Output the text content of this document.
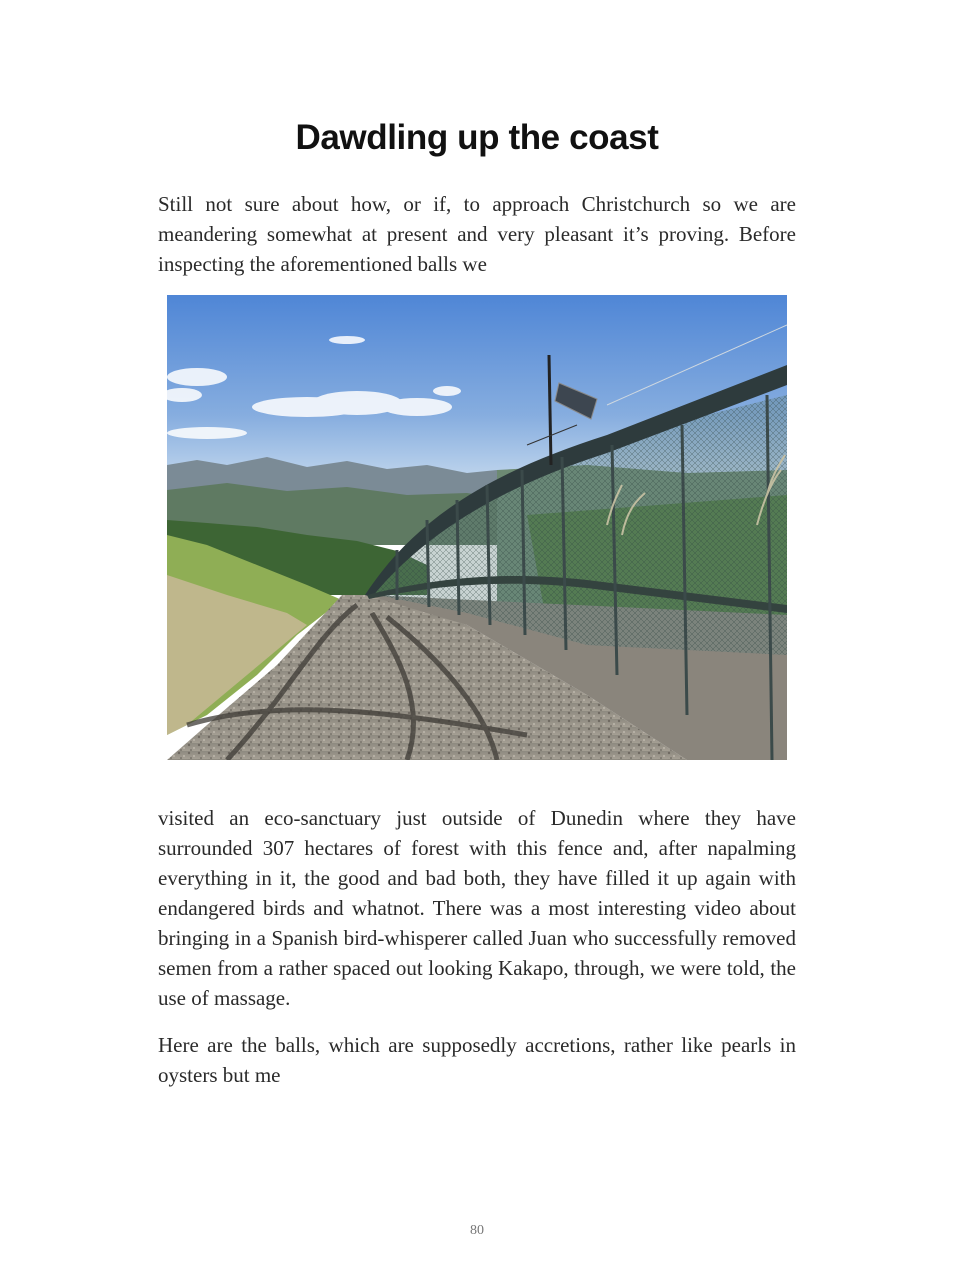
Dawdling up the coast

Still not sure about how, or if, to approach Christchurch so we are meandering somewhat at present and very pleasant it’s proving. Before inspecting the aforementioned balls we

visited an eco-sanctuary just outside of Dunedin where they have surrounded 307 hectares of forest with this fence and, after napalming everything in it, the good and bad both, they have filled it up again with endangered birds and whatnot. There was a most interesting video about bringing in a Spanish bird-whisperer called Juan who successfully removed semen from a rather spaced out looking Kakapo, through, we were told, the use of massage.

Here are the balls, which are supposedly accretions, rather like pearls in oysters but me

80
